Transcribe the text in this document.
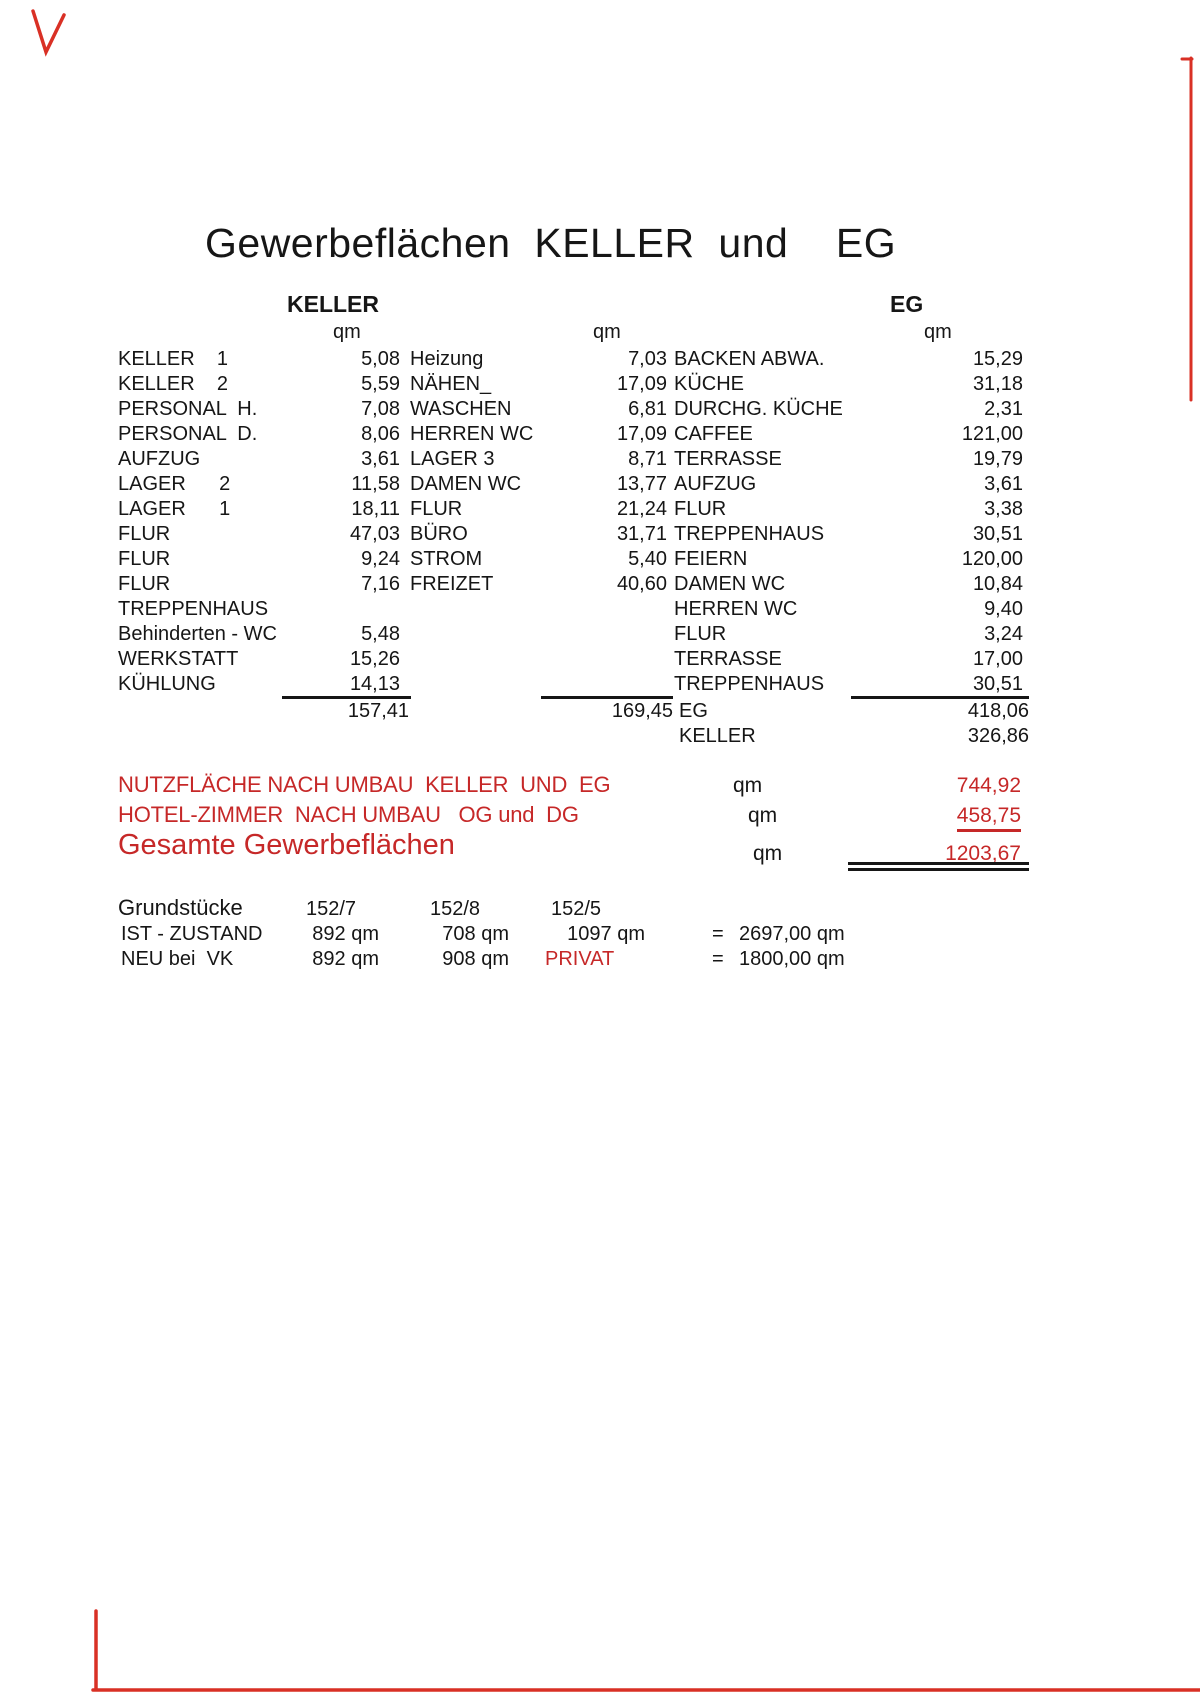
Gewerbeflächen  KELLER  und    EG
KELLER	EG
qm	qm	qm
KELLER    1	5,08 Heizung	7,03 BACKEN ABWA.	15,29
KELLER    2	5,59 NÄHEN_	17,09 KÜCHE	31,18
PERSONAL  H.	7,08 WASCHEN	6,81 DURCHG. KÜCHE	2,31
PERSONAL  D.	8,06 HERREN WC	17,09 CAFFEE	121,00
AUFZUG	3,61 LAGER 3	8,71 TERRASSE	19,79
LAGER      2	11,58 DAMEN WC	13,77 AUFZUG	3,61
LAGER      1	18,11 FLUR	21,24 FLUR	3,38
FLUR	47,03 BÜRO	31,71 TREPPENHAUS	30,51
FLUR	9,24 STROM	5,40 FEIERN	120,00
FLUR	7,16 FREIZET	40,60 DAMEN WC	10,84
TREPPENHAUS	HERREN WC	9,40
Behinderten - WC	5,48	FLUR	3,24
WERKSTATT	15,26	TERRASSE	17,00
KÜHLUNG	14,13	TREPPENHAUS	30,51
157,41	169,45 EG	418,06
KELLER	326,86
NUTZFLÄCHE NACH UMBAU  KELLER  UND  EG	qm	744,92
HOTEL-ZIMMER  NACH UMBAU   OG und  DG	qm	458,75
Gesamte Gewerbeflächen	qm	1203,67
Grundstücke	152/7	152/8	152/5
IST - ZUSTAND	892 qm	708 qm	1097 qm	= 2697,00 qm
NEU bei  VK	892 qm	908 qm PRIVAT	= 1800,00 qm
